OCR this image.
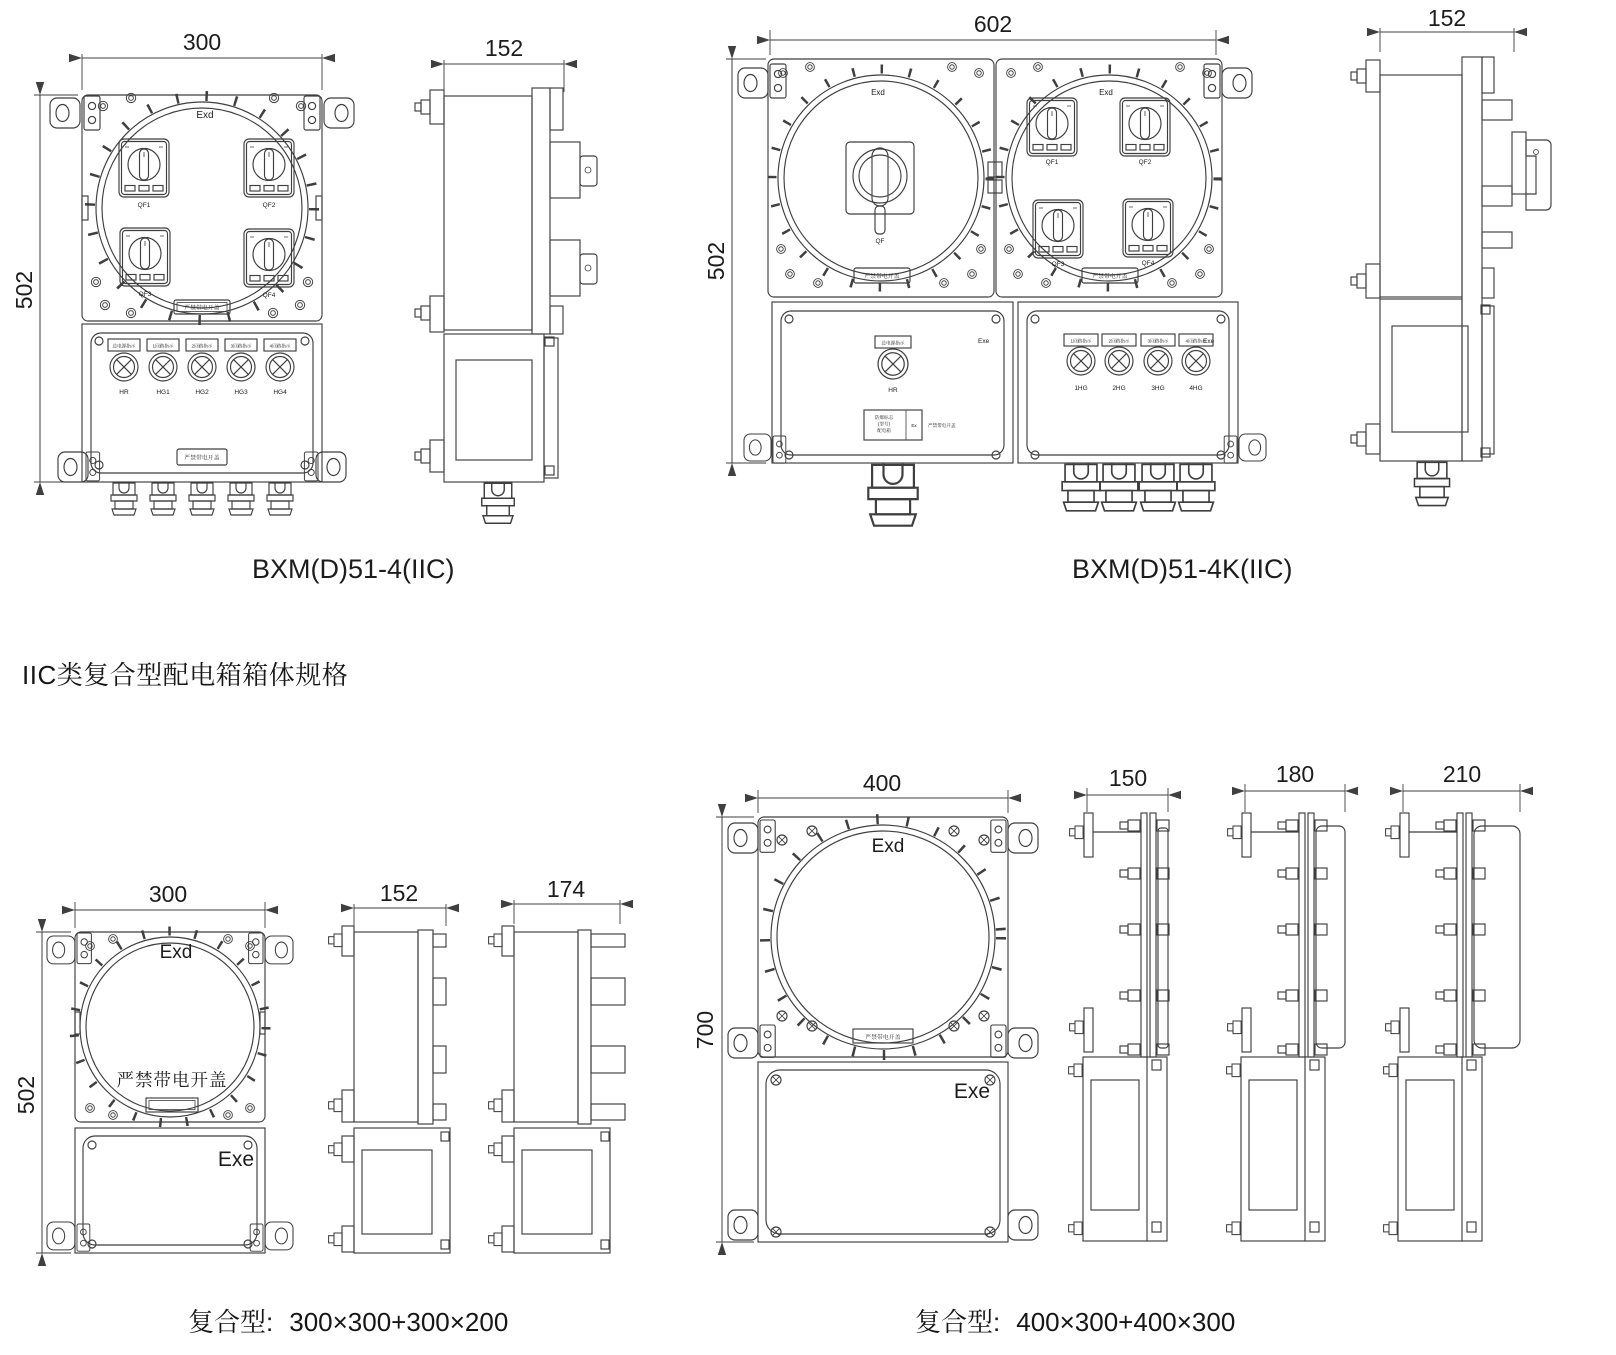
300
502
Exd
QF1	QF2
QF3	QF4
严禁带电开盖
总电源指示	1回路指示	2回路指示	3回路指示	4回路指示
HR	HG1	HG2	HG3	HG4
严禁带电开盖
152
602
502
Exd	Exd
QF
QF1	QF2
QF3	QF4
严禁带电开盖	严禁带电开盖
Exe
总电源指示
HR
防爆标志
(型号)
配电箱
Ex 严禁带电开盖
Exe
1回路指示	2回路指示	3回路指示	4回路指示
1HG	2HG	3HG	4HG
152
300
502
Exd
严禁带电开盖
Exe
152	174
400
700
Exd
严禁带电开盖
Exe
150	180	210
BXM(D)51-4(IIC)	BXM(D)51-4K(IIC)
IIC类复合型配电箱箱体规格
复合型: 300×300+300×200	复合型: 400×300+400×300
